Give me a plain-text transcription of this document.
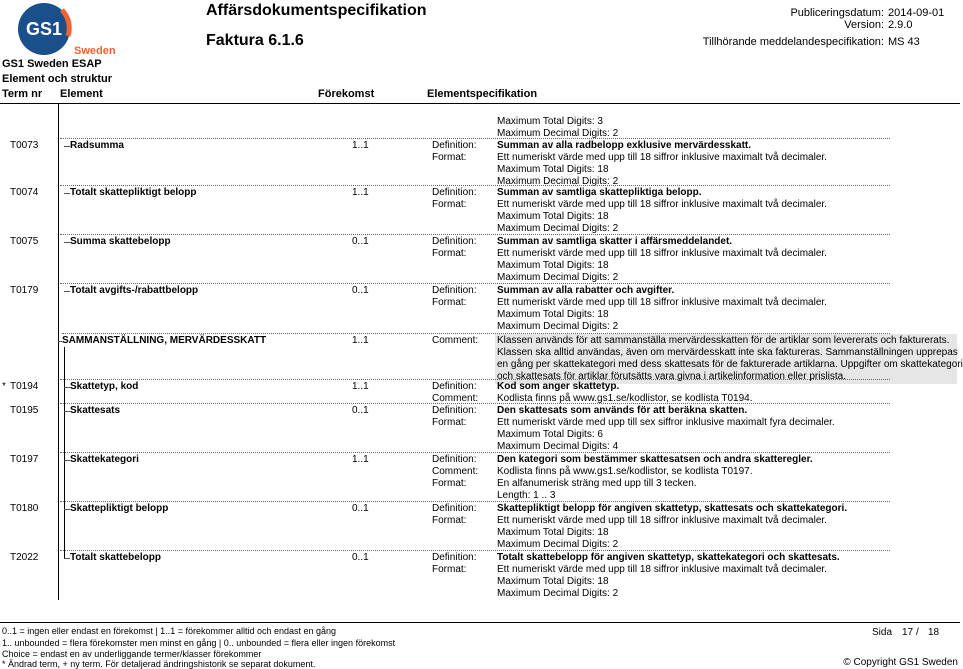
GS1
Sweden
Affärsdokumentspecifikation
Faktura 6.1.6
Publiceringsdatum: 2014-09-01
Version: 2.9.0
Tillhörande meddelandespecifikation: MS 43
GS1 Sweden ESAP
Element och struktur
Term nr Element	Förekomst	Elementspecifikation
Maximum Total Digits: 3
Maximum Decimal Digits: 2
T0073	Radsumma	1..1	Definition: Summan av alla radbelopp exklusive mervärdesskatt.
Format:	Ett numeriskt värde med upp till 18 siffror inklusive maximalt två decimaler.
Maximum Total Digits: 18
Maximum Decimal Digits: 2
T0074	Totalt skattepliktigt belopp	1..1	Definition: Summan av samtliga skattepliktiga belopp.
Format:	Ett numeriskt värde med upp till 18 siffror inklusive maximalt två decimaler.
Maximum Total Digits: 18
Maximum Decimal Digits: 2
T0075	Summa skattebelopp	0..1	Definition: Summan av samtliga skatter i affärsmeddelandet.
Format:	Ett numeriskt värde med upp till 18 siffror inklusive maximalt två decimaler.
Maximum Total Digits: 18
Maximum Decimal Digits: 2
T0179	Totalt avgifts-/rabattbelopp	0..1	Definition: Summan av alla rabatter och avgifter.
Format:	Ett numeriskt värde med upp till 18 siffror inklusive maximalt två decimaler.
Maximum Total Digits: 18
Maximum Decimal Digits: 2
SAMMANSTÄLLNING, MERVÄRDESSKATT	1..1	Comment: Klassen används för att sammanställa mervärdesskatten för de artiklar som levererats och fakturerats.
Klassen ska alltid användas, även om mervärdesskatt inte ska faktureras. Sammanställningen upprepas
en gång per skattekategori med dess skattesats för de fakturerade artiklarna. Uppgifter om skattekategori
och skattesats för artiklar förutsätts vara givna i artikelinformation eller prislista.
* T0194	Skattetyp, kod	1..1	Definition: Kod som anger skattetyp.
Comment: Kodlista finns på www.gs1.se/kodlistor, se kodlista T0194.
T0195	Skattesats	0..1	Definition: Den skattesats som används för att beräkna skatten.
Format:	Ett numeriskt värde med upp till sex siffror inklusive maximalt fyra decimaler.
Maximum Total Digits: 6
Maximum Decimal Digits: 4
T0197	Skattekategori	1..1	Definition: Den kategori som bestämmer skattesatsen och andra skatteregler.
Comment: Kodlista finns på www.gs1.se/kodlistor, se kodlista T0197.
Format:	En alfanumerisk sträng med upp till 3 tecken.
Length: 1 .. 3
T0180	Skattepliktigt belopp	0..1	Definition: Skattepliktigt belopp för angiven skattetyp, skattesats och skattekategori.
Format:	Ett numeriskt värde med upp till 18 siffror inklusive maximalt två decimaler.
Maximum Total Digits: 18
Maximum Decimal Digits: 2
T2022	Totalt skattebelopp	0..1	Definition: Totalt skattebelopp för angiven skattetyp, skattekategori och skattesats.
Format:	Ett numeriskt värde med upp till 18 siffror inklusive maximalt två decimaler.
Maximum Total Digits: 18
Maximum Decimal Digits: 2
0..1 = ingen eller endast en förekomst | 1..1 = förekommer alltid och endast en gång
1.. unbounded = flera förekomster men minst en gång | 0.. unbounded = flera eller ingen förekomst
Choice = endast en av underliggande termer/klasser förekommer
* Ändrad term, + ny term. För detaljerad ändringshistorik se separat dokument.
Sida 17 / 18
© Copyright GS1 Sweden
